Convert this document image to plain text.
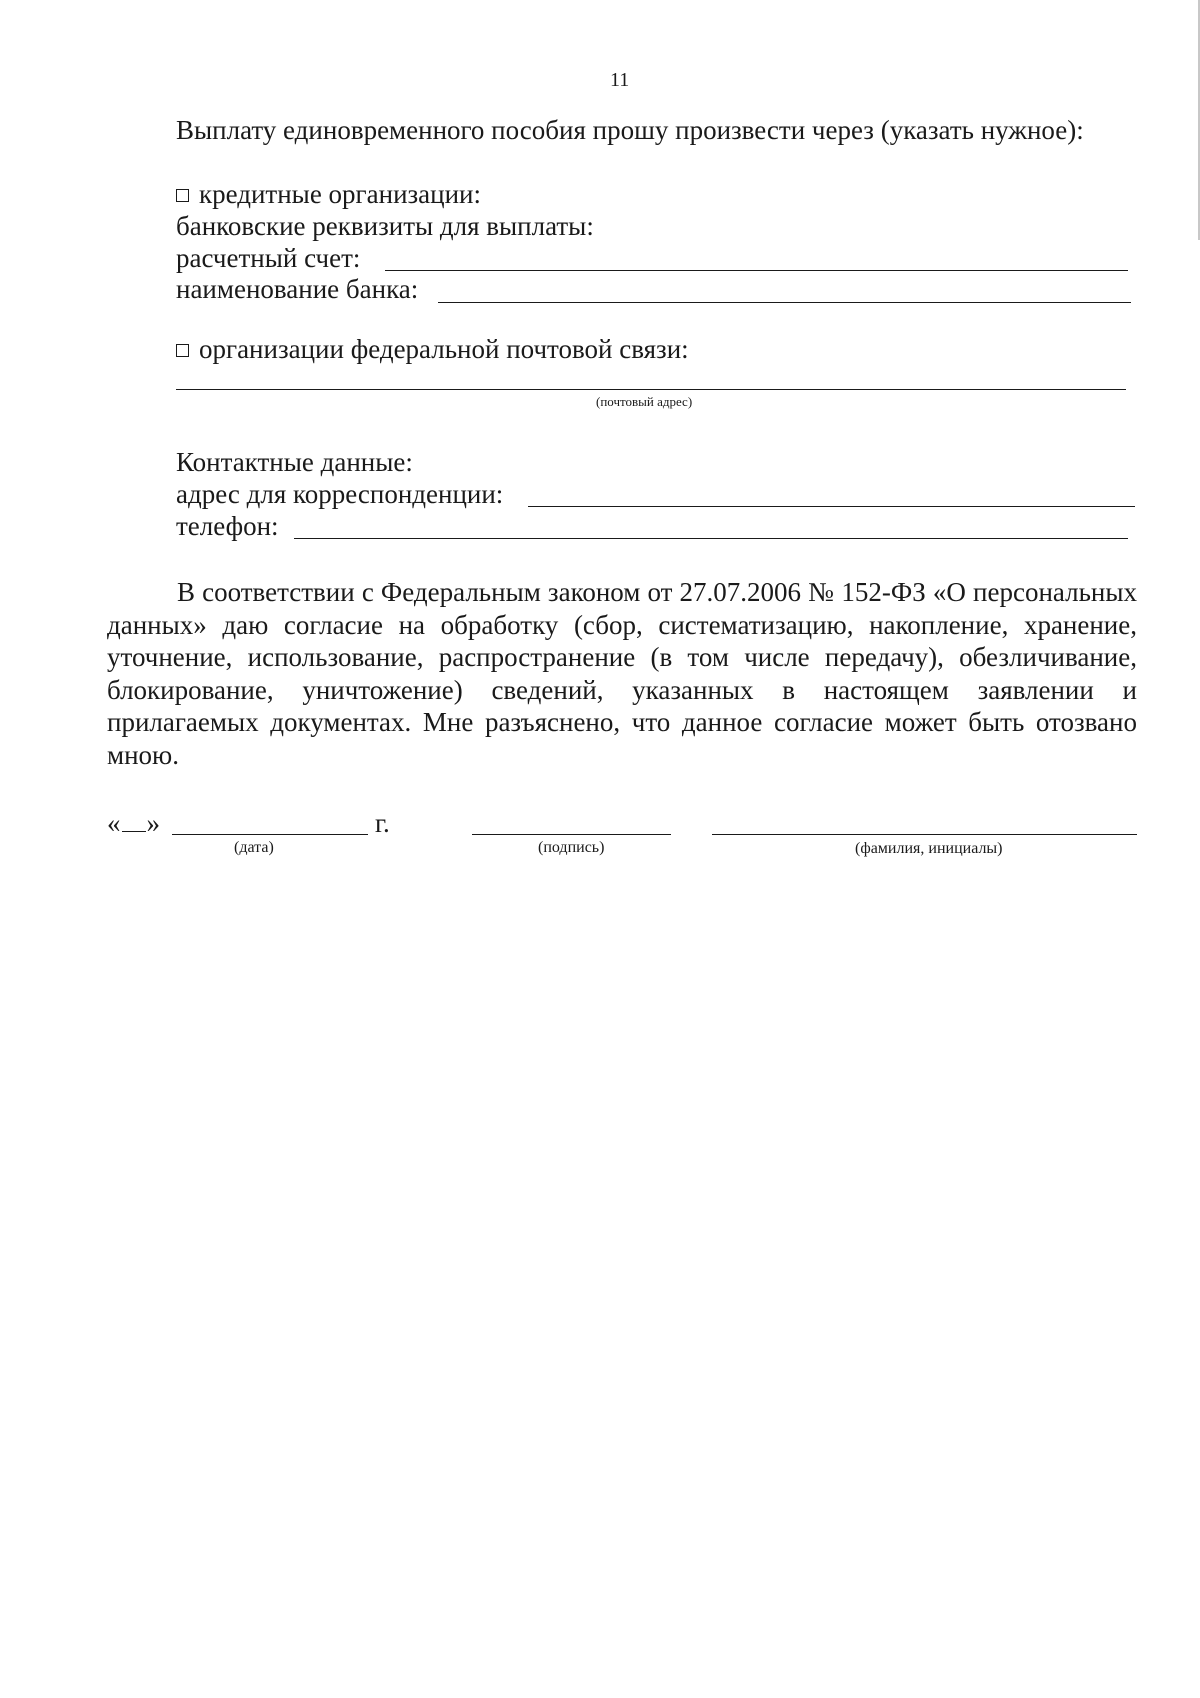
11
Выплату единовременного пособия прошу произвести через (указать нужное):
кредитные организации:
банковские реквизиты для выплаты:
расчетный счет:
наименование банка:
организации федеральной почтовой связи:
(почтовый адрес)
Контактные данные:
адрес для корреспонденции:
телефон:
В соответствии с Федеральным законом от 27.07.2006 № 152-ФЗ «О персональных данных» даю согласие на обработку (сбор, систематизацию, накопление, хранение, уточнение, использование, распространение (в том числе передачу), обезличивание, блокирование, уничтожение) сведений, указанных в настоящем заявлении и прилагаемых документах. Мне разъяснено, что данное согласие может быть отозвано мною.
« »	г.
(дата)	(подпись)	(фамилия, инициалы)
